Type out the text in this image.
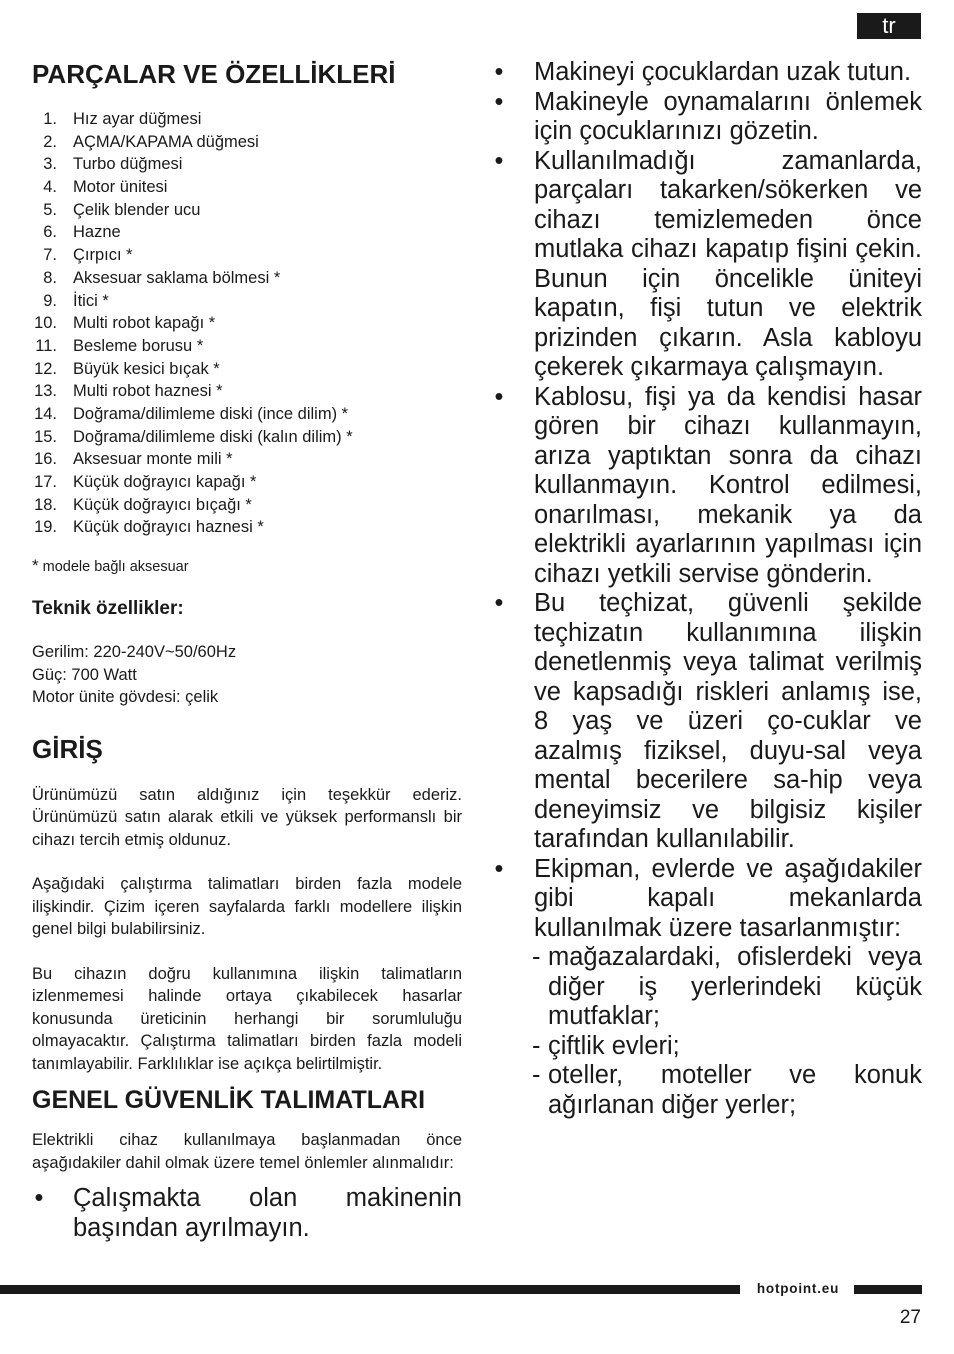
tr
PARÇALAR VE ÖZELLİKLERİ
1. Hız ayar düğmesi
2. AÇMA/KAPAMA düğmesi
3. Turbo düğmesi
4. Motor ünitesi
5. Çelik blender ucu
6. Hazne
7. Çırpıcı *
8. Aksesuar saklama bölmesi *
9. İtici *
10. Multi robot kapağı *
11. Besleme borusu *
12. Büyük kesici bıçak *
13. Multi robot haznesi *
14. Doğrama/dilimleme diski (ince dilim) *
15. Doğrama/dilimleme diski (kalın dilim) *
16. Aksesuar monte mili *
17. Küçük doğrayıcı kapağı *
18. Küçük doğrayıcı bıçağı *
19. Küçük doğrayıcı haznesi *
* modele bağlı aksesuar
Teknik özellikler:
Gerilim: 220-240V~50/60Hz
Güç: 700 Watt
Motor ünite gövdesi: çelik
GİRİŞ

Ürünümüzü satın aldığınız için teşekkür ederiz. Ürünümüzü satın alarak etkili ve yüksek performanslı bir cihazı tercih etmiş oldunuz.

Aşağıdaki çalıştırma talimatları birden fazla modele ilişkindir. Çizim içeren sayfalarda farklı modellere ilişkin genel bilgi bulabilirsiniz.

Bu cihazın doğru kullanımına ilişkin talimatların izlenmemesi halinde ortaya çıkabilecek hasarlar konusunda üreticinin herhangi bir sorumluluğu olmayacaktır. Çalıştırma talimatları birden fazla modeli tanımlayabilir. Farklılıklar ise açıkça belirtilmiştir.

GENEL GÜVENLİK TALIMATLARI

Elektrikli cihaz kullanılmaya başlanmadan önce aşağıdakiler dahil olmak üzere temel önlemler alınmalıdır:

• Çalışmakta olan makinenin başından ayrılmayın.
• Makineyi çocuklardan uzak tutun.
• Makineyle oynamalarını önlemek için çocuklarınızı gözetin.
• Kullanılmadığı zamanlarda, parçaları takarken/sökerken ve cihazı temizlemeden önce mutlaka cihazı kapatıp fişini çekin. Bunun için öncelikle üniteyi kapatın, fişi tutun ve elektrik prizinden çıkarın. Asla kabloyu çekerek çıkarmaya çalışmayın.
• Kablosu, fişi ya da kendisi hasar gören bir cihazı kullanmayın, arıza yaptıktan sonra da cihazı kullanmayın. Kontrol edilmesi, onarılması, mekanik ya da elektrikli ayarlarının yapılması için cihazı yetkili servise gönderin.
• Bu teçhizat, güvenli şekilde teçhizatın kullanımına ilişkin denetlenmiş veya talimat verilmiş ve kapsadığı riskleri anlamış ise, 8 yaş ve üzeri ço-cuklar ve azalmış fiziksel, duyu-sal veya mental becerilere sa-hip veya deneyimsiz ve bilgisiz kişiler tarafından kullanılabilir.
• Ekipman, evlerde ve aşağıdakiler gibi kapalı mekanlarda kullanılmak üzere tasarlanmıştır:
- mağazalardaki, ofislerdeki veya diğer iş yerlerindeki küçük mutfaklar;
- çiftlik evleri;
- oteller, moteller ve konuk ağırlanan diğer yerler;
hotpoint.eu
27
